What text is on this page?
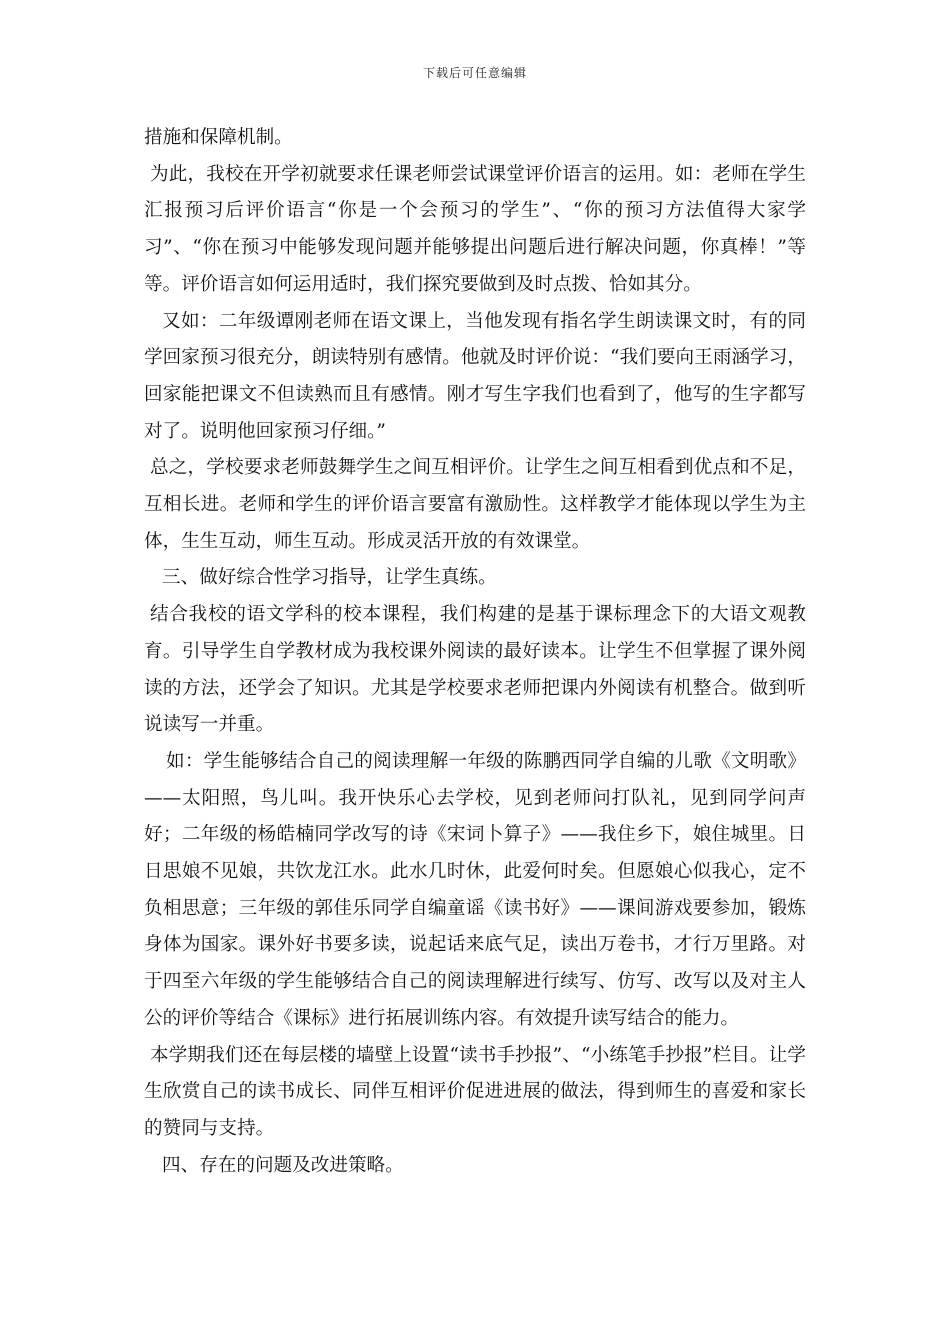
下载后可任意编辑

措施和保障机制。

为此，我校在开学初就要求任课老师尝试课堂评价语言的运用。如：老师在学生汇报预习后评价语言“你是一个会预习的学生”、“你的预习方法值得大家学习”、“你在预习中能够发现问题并能够提出问题后进行解决问题，你真棒！”等等。评价语言如何运用适时，我们探究要做到及时点拨、恰如其分。

又如：二年级谭刚老师在语文课上，当他发现有指名学生朗读课文时，有的同学回家预习很充分，朗读特别有感情。他就及时评价说：“我们要向王雨涵学习，回家能把课文不但读熟而且有感情。刚才写生字我们也看到了，他写的生字都写对了。说明他回家预习仔细。”

总之，学校要求老师鼓舞学生之间互相评价。让学生之间互相看到优点和不足，互相长进。老师和学生的评价语言要富有激励性。这样教学才能体现以学生为主体，生生互动，师生互动。形成灵活开放的有效课堂。

三、做好综合性学习指导，让学生真练。

结合我校的语文学科的校本课程，我们构建的是基于课标理念下的大语文观教育。引导学生自学教材成为我校课外阅读的最好读本。让学生不但掌握了课外阅读的方法，还学会了知识。尤其是学校要求老师把课内外阅读有机整合。做到听说读写一并重。

如：学生能够结合自己的阅读理解一年级的陈鹏西同学自编的儿歌《文明歌》——太阳照，鸟儿叫。我开快乐心去学校，见到老师问打队礼，见到同学问声好；二年级的杨皓楠同学改写的诗《宋词卜算子》——我住乡下，娘住城里。日日思娘不见娘，共饮龙江水。此水几时休，此爱何时矣。但愿娘心似我心，定不负相思意；三年级的郭佳乐同学自编童谣《读书好》——课间游戏要参加，锻炼身体为国家。课外好书要多读，说起话来底气足，读出万卷书，才行万里路。对于四至六年级的学生能够结合自己的阅读理解进行续写、仿写、改写以及对主人公的评价等结合《课标》进行拓展训练内容。有效提升读写结合的能力。

本学期我们还在每层楼的墙壁上设置“读书手抄报”、“小练笔手抄报”栏目。让学生欣赏自己的读书成长、同伴互相评价促进进展的做法，得到师生的喜爱和家长的赞同与支持。

四、存在的问题及改进策略。
